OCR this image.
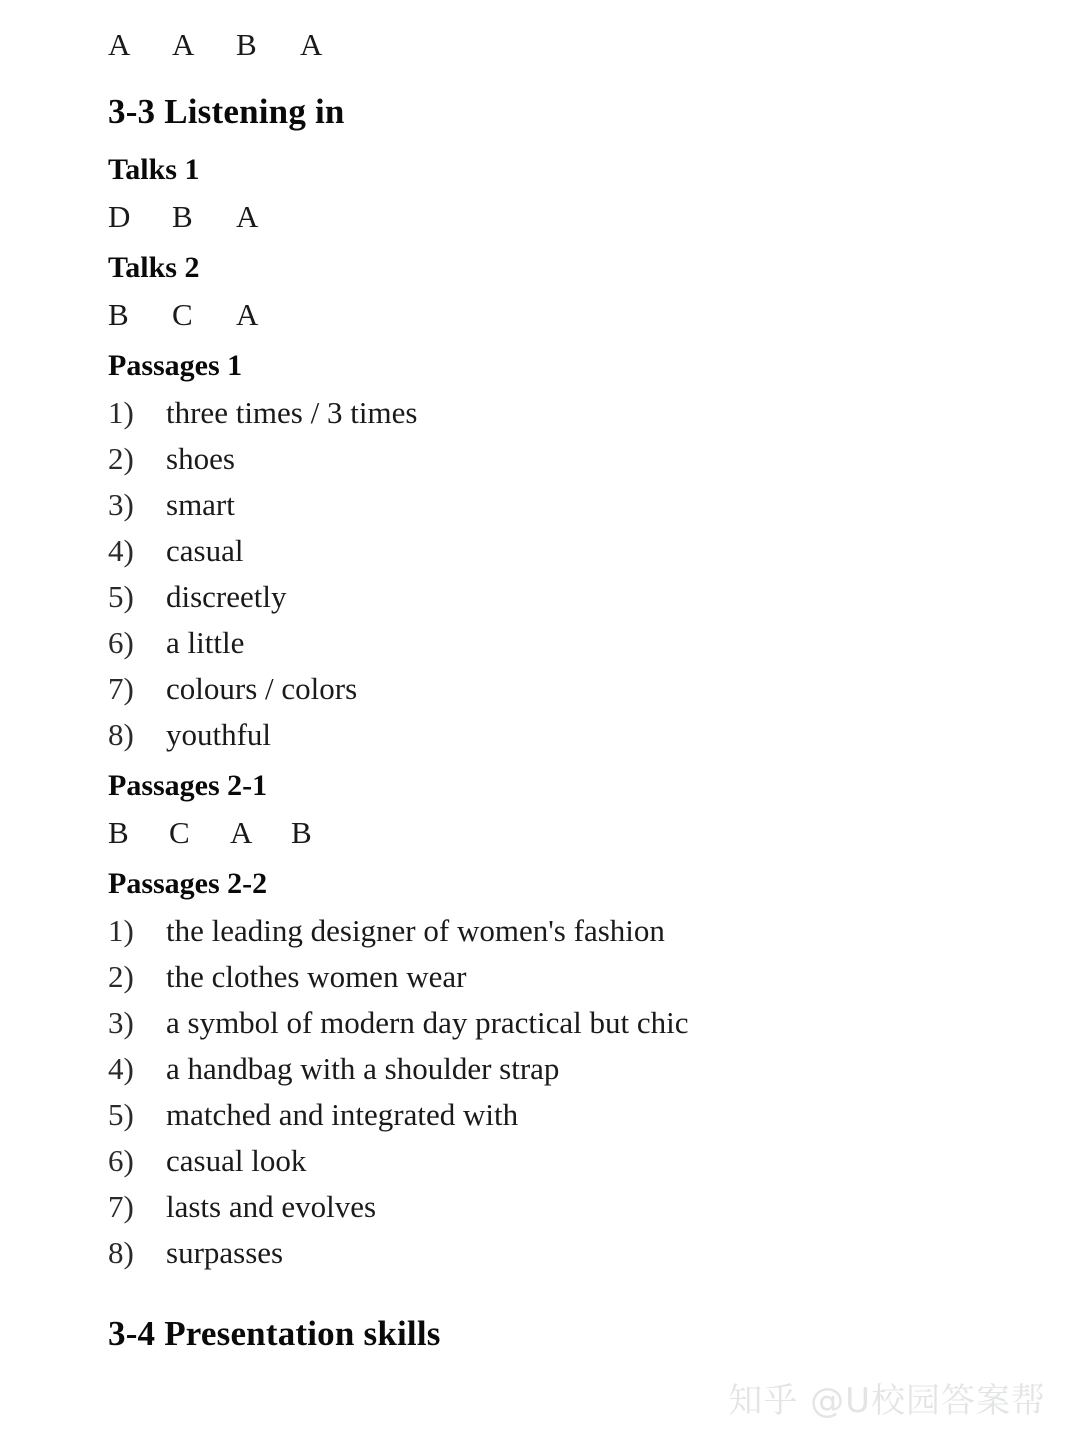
A A B A
3-3 Listening in
Talks 1
D B A
Talks 2
B C A
Passages 1
1)	three times / 3 times
2)	shoes
3)	smart
4)	casual
5)	discreetly
6)	a little
7)	colours / colors
8)	youthful
Passages 2-1
B C A B
Passages 2-2
1)	the leading designer of women's fashion
2)	the clothes women wear
3)	a symbol of modern day practical but chic
4)	a handbag with a shoulder strap
5)	matched and integrated with
6)	casual look
7)	lasts and evolves
8)	surpasses
3-4 Presentation skills
知乎 @U校园答案帮
